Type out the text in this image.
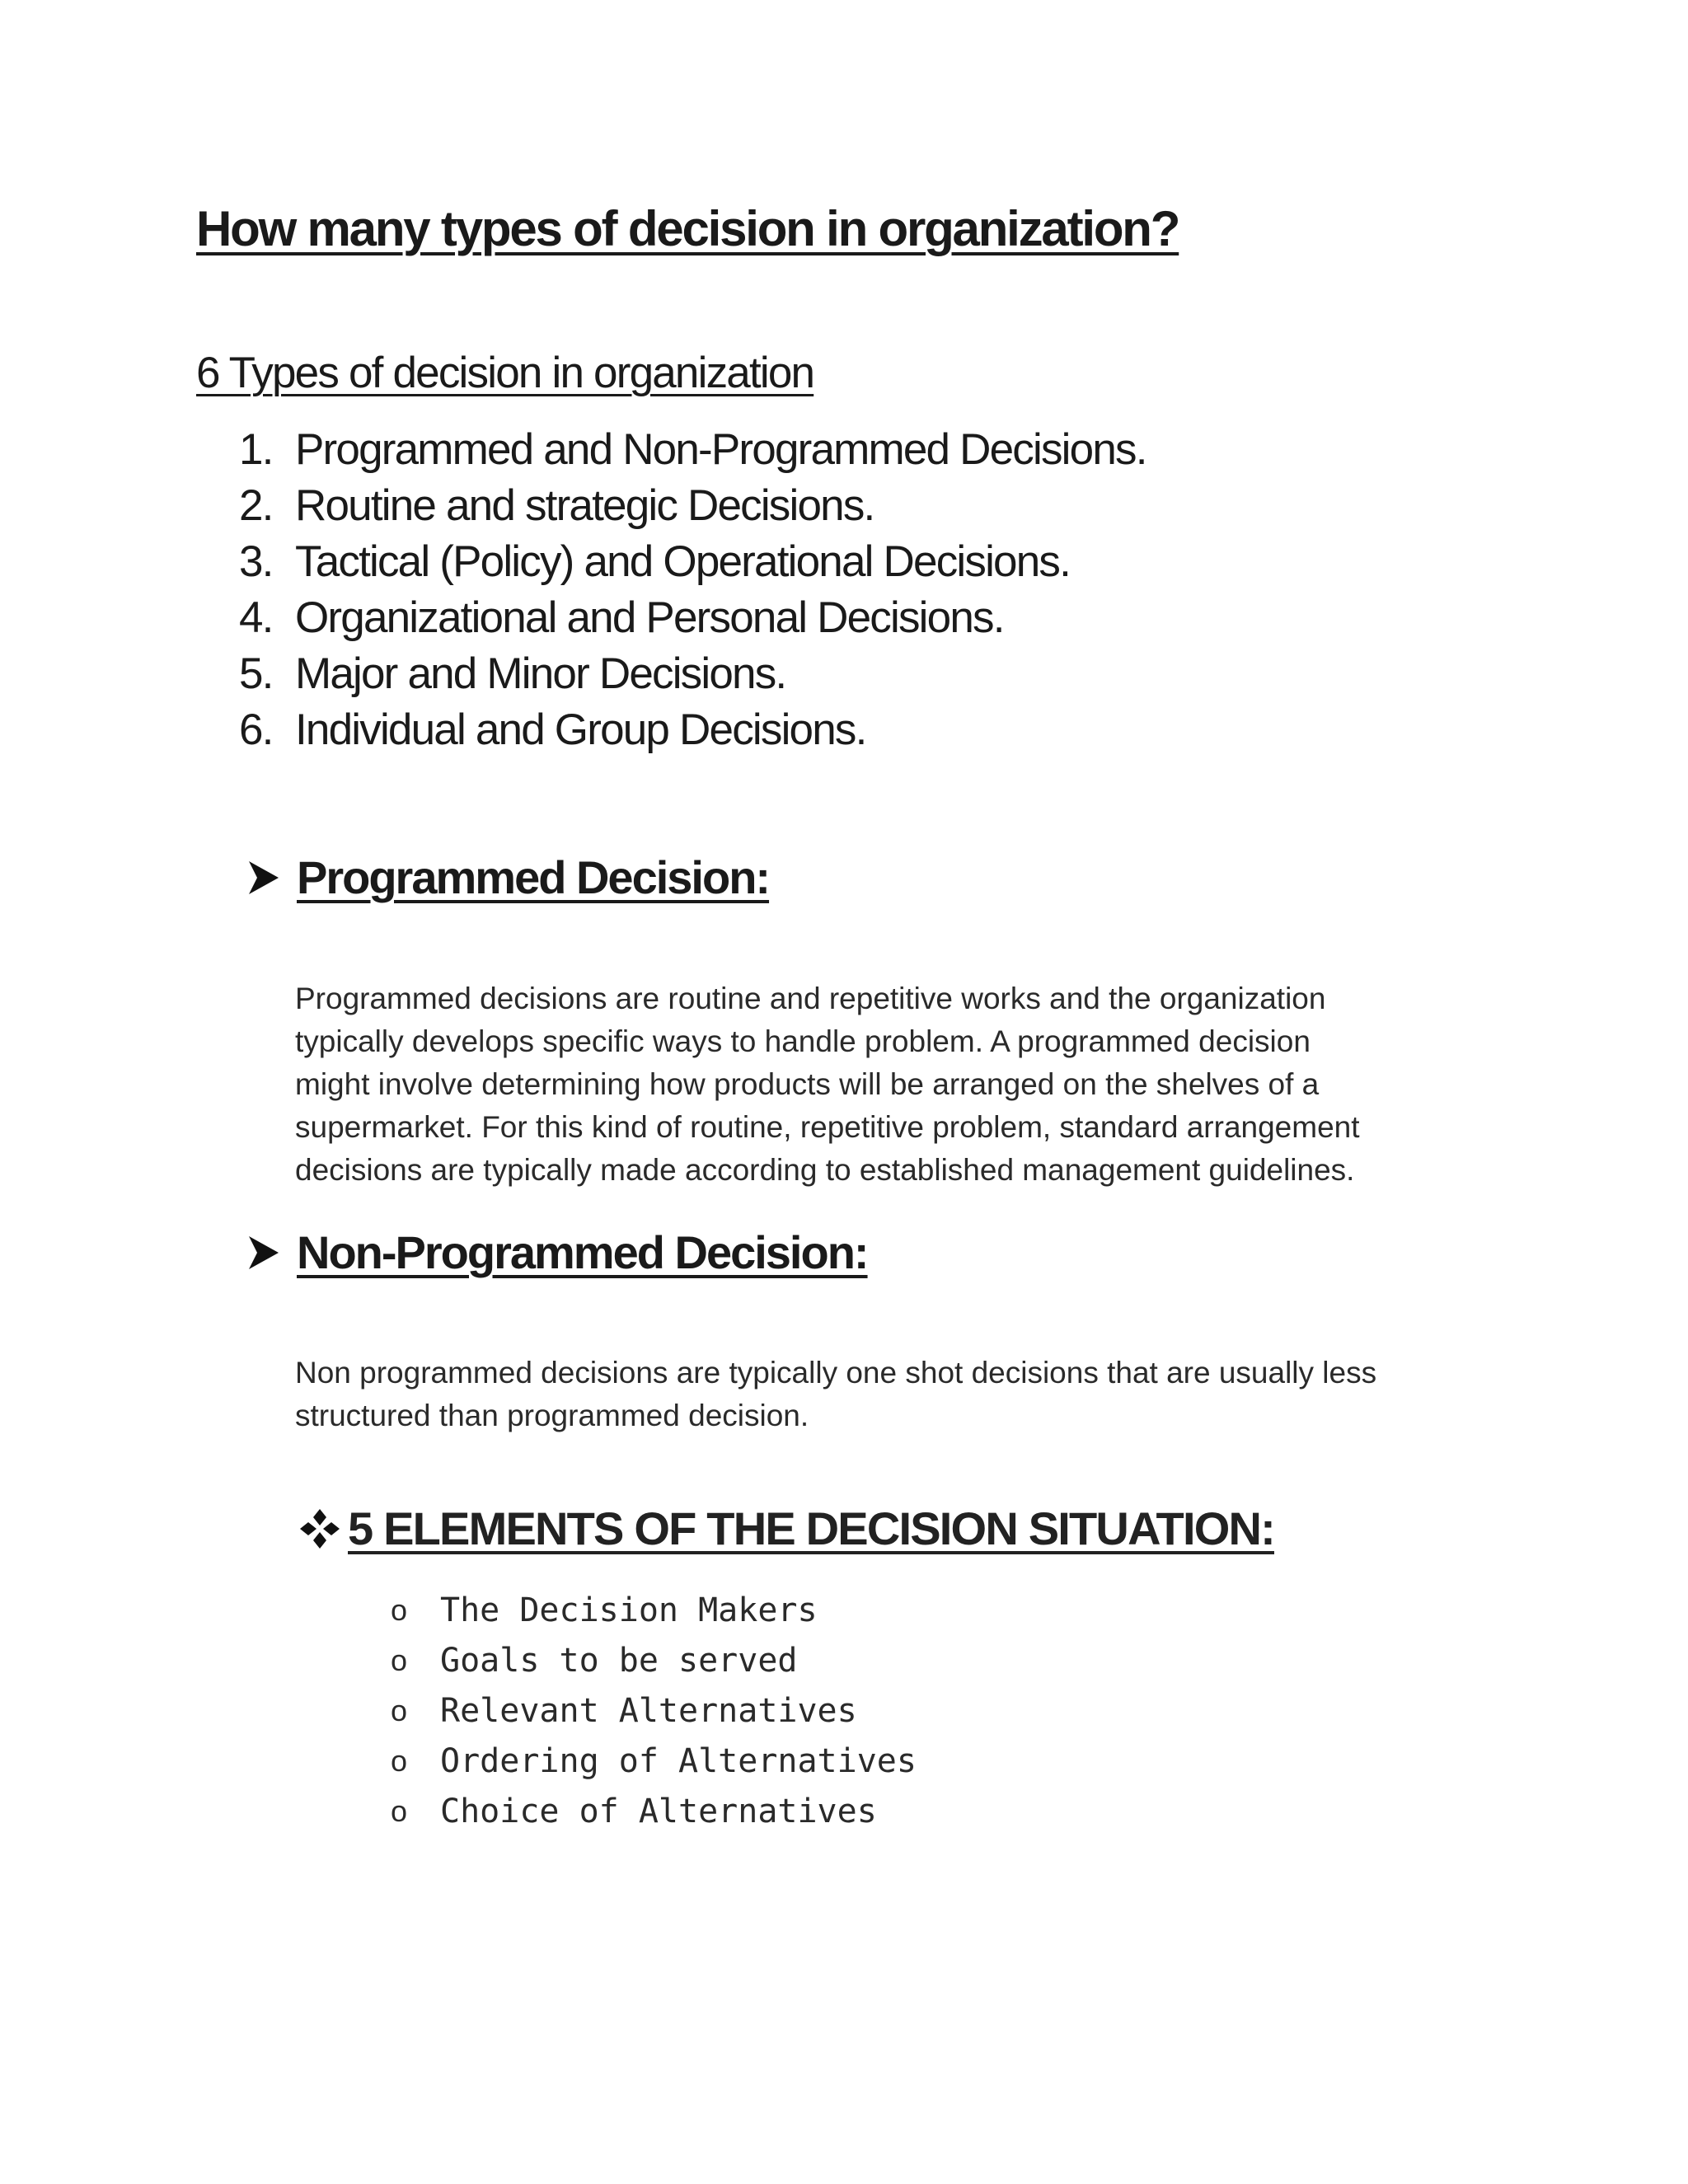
How many types of decision in organization?
6 Types of decision in organization
1. Programmed and Non-Programmed Decisions.
2. Routine and strategic Decisions.
3. Tactical (Policy) and Operational Decisions.
4. Organizational and Personal Decisions.
5. Major and Minor Decisions.
6. Individual and Group Decisions.
Programmed Decision:

Programmed decisions are routine and repetitive works and the organization
typically develops specific ways to handle problem. A programmed decision
might involve determining how products will be arranged on the shelves of a
supermarket. For this kind of routine, repetitive problem, standard arrangement
decisions are typically made according to established management guidelines.

Non-Programmed Decision:

Non programmed decisions are typically one shot decisions that are usually less
structured than programmed decision.

5 ELEMENTS OF THE DECISION SITUATION:
o The Decision Makers
o Goals to be served
o Relevant Alternatives
o Ordering of Alternatives
o Choice of Alternatives
